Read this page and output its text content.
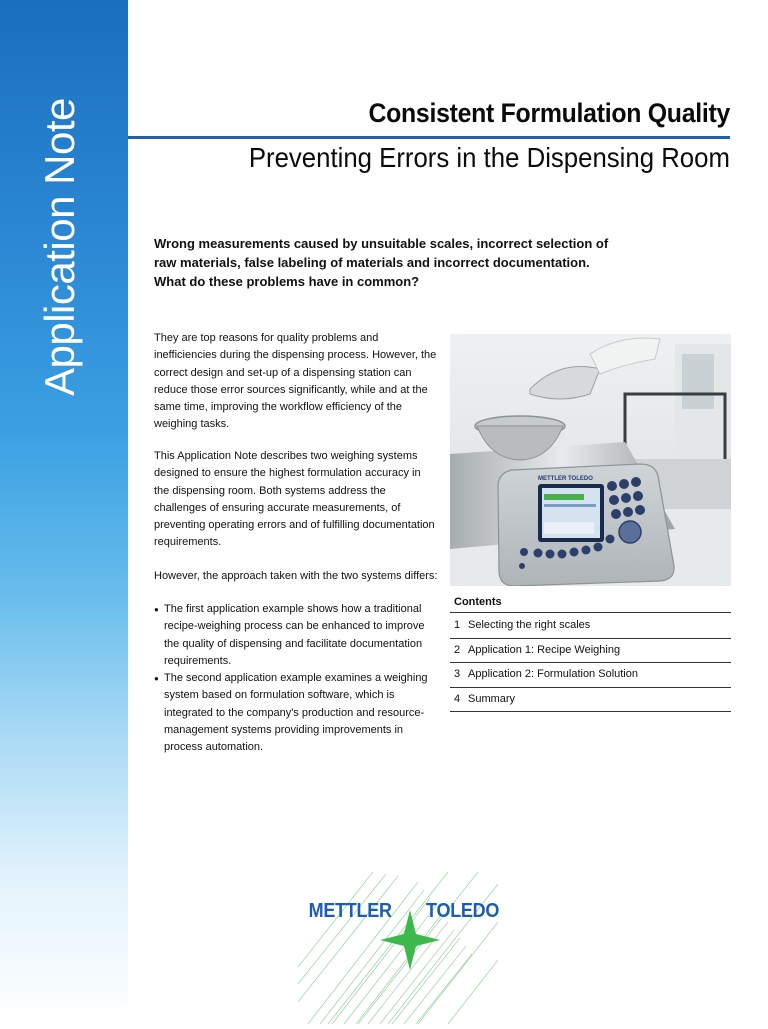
Application Note	Consistent Formulation Quality
Preventing Errors in the Dispensing Room
Wrong measurements caused by unsuitable scales, incorrect selection of raw materials, false labeling of materials and incorrect documentation. What do these problems have in common?
They are top reasons for quality problems and inefficiencies during the dispensing process. However, the correct design and set-up of a dispensing station can reduce those error sources significantly, while and at the same time, improving the workflow efficiency of the weighing tasks.
This Application Note describes two weighing systems designed to ensure the highest formulation accuracy in the dispensing room. Both systems address the challenges of ensuring accurate measurements, of preventing operating errors and of fulfilling documentation requirements.
However, the approach taken with the two systems differs:
● The first application example shows how a traditional recipe-weighing process can be enhanced to improve the quality of dispensing and facilitate documentation requirements.
● The second application example examines a weighing system based on formulation software, which is integrated to the company's production and resource-management systems providing improvements in process automation.
METTLER TOLEDO
Contents
1 Selecting the right scales
2 Application 1: Recipe Weighing
3 Application 2: Formulation Solution
4 Summary
METTLER TOLEDO
